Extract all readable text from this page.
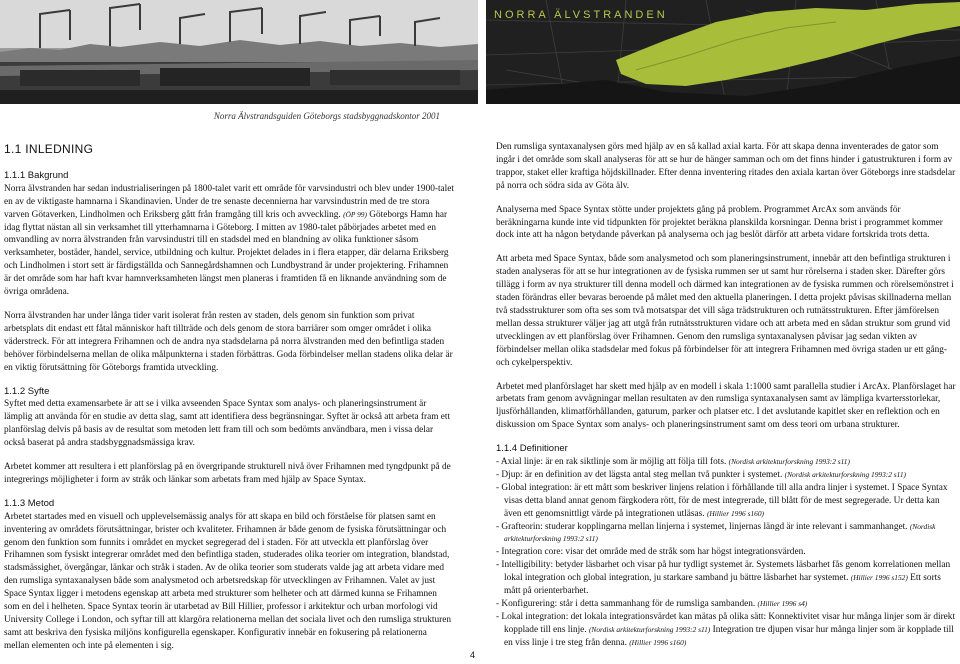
NORRA ÄLVSTRANDEN
Norra Älvstrandsguiden Göteborgs stadsbyggnadskontor 2001
1.1 INLEDNING
1.1.1 Bakgrund

Norra älvstranden har sedan industrialiseringen på 1800-talet varit ett område för varvsindustri och blev under 1900-talet en av de viktigaste hamnarna i Skandinavien. Under de tre senaste decennierna har varvsindustrin med de tre stora varven Götaverken, Lindholmen och Eriksberg gått från framgång till kris och avveckling. (ÖP 99) Göteborgs Hamn har idag flyttat nästan all sin verksamhet till ytterhamnarna i Göteborg. I mitten av 1980-talet påbörjades arbetet med en omvandling av norra älvstranden från varvsindustri till en stadsdel med en blandning av olika funktioner såsom verksamheter, bostäder, handel, service, utbildning och kultur. Projektet delades in i flera etapper, där delarna Eriksberg och Lindholmen i stort sett är färdigställda och Sannegårdshamnen och Lundbystrand är under projektering. Frihamnen är det område som har haft kvar hamnverksamheten längst men planeras i framtiden få en liknande användning som de övriga områdena.

Norra älvstranden har under långa tider varit isolerat från resten av staden, dels genom sin funktion som privat arbetsplats dit endast ett fåtal människor haft tillträde och dels genom de stora barriärer som omger området i olika väderstreck. För att integrera Frihamnen och de andra nya stadsdelarna på norra älvstranden med den befintliga staden behöver förbindelserna mellan de olika målpunkterna i staden förbättras. Goda förbindelser mellan stadens olika delar är en viktig förutsättning för Göteborgs framtida utveckling.

1.1.2 Syfte

Syftet med detta examensarbete är att se i vilka avseenden Space Syntax som analys- och planeringsinstrument är lämplig att använda för en studie av detta slag, samt att identifiera dess begränsningar. Syftet är också att arbeta fram ett planförslag delvis på basis av de resultat som metoden lett fram till och som bedömts användbara, men i vissa delar också baserat på andra stadsbyggnadsmässiga krav.

Arbetet kommer att resultera i ett planförslag på en övergripande strukturell nivå över Frihamnen med tyngdpunkt på de integrerings möjligheter i form av stråk och länkar som arbetats fram med hjälp av Space Syntax.

1.1.3 Metod

Arbetet startades med en visuell och upplevelsemässig analys för att skapa en bild och förståelse för platsen samt en inventering av områdets förutsättningar, brister och kvaliteter. Frihamnen är både genom de fysiska förutsättningar och genom den funktion som funnits i området en mycket segregerad del i staden. För att utveckla ett planförslag över Frihamnen som fysiskt integrerar området med den befintliga staden, studerades olika teorier om integration, blandstad, stadsmässighet, övergångar, länkar och stråk i staden. Av de olika teorier som studerats valde jag att arbeta vidare med den rumsliga syntaxanalysen både som analysmetod och arbetsredskap för utvecklingen av Frihamnen. Valet av just Space Syntax ligger i metodens egenskap att arbeta med strukturer som helheter och att därmed kunna se Frihamnen som en del i helheten. Space Syntax teorin är utarbetad av Bill Hillier, professor i arkitektur och urban morfologi vid University College i London, och syftar till att klargöra relationerna mellan det sociala livet och den rumsliga strukturen samt att beskriva den fysiska miljöns konfigurella egenskaper. Konfigurativ innebär en fokusering på relationerna mellan elementen och inte på elementen i sig.

Den rumsliga syntaxanalysen görs med hjälp av en så kallad axial karta. För att skapa denna inventerades de gator som ingår i det område som skall analyseras för att se hur de hänger samman och om det finns hinder i gatustrukturen i form av trappor, staket eller kraftiga höjdskillnader. Efter denna inventering ritades den axiala kartan över Göteborgs inre stadsdelar på norra och södra sida av Göta älv.

Analyserna med Space Syntax stötte under projektets gång på problem. Programmet ArcAx som används för beräkningarna kunde inte vid tidpunkten för projektet beräkna planskilda korsningar. Denna brist i programmet kommer dock inte att ha någon betydande påverkan på analyserna och jag beslöt därför att arbeta vidare fortskrida trots detta.

Att arbeta med Space Syntax, både som analysmetod och som planeringsinstrument, innebär att den befintliga strukturen i staden analyseras för att se hur integrationen av de fysiska rummen ser ut samt hur rörelserna i staden sker. Därefter görs tillägg i form av nya strukturer till denna modell och därmed kan integrationen av de fysiska rummen och rörelsemönstret i staden förändras eller bevaras beroende på målet med den aktuella planeringen. I detta projekt påvisas skillnaderna mellan två stadsstrukturer som ofta ses som två motsatspar det vill säga trädstrukturen och rutnätsstrukturen. Efter jämförelsen mellan dessa strukturer väljer jag att utgå från rutnätsstrukturen vidare och att arbeta med en sådan struktur som grund vid utvecklingen av ett planförslag över Frihamnen. Genom den rumsliga syntaxanalysen påvisar jag sedan vikten av förbindelser mellan olika stadsdelar med fokus på förbindelser för att integrera Frihamnen med övriga staden ur ett gång- och cykelperspektiv.

Arbetet med planförslaget har skett med hjälp av en modell i skala 1:1000 samt parallella studier i ArcAx. Planförslaget har arbetats fram genom avvägningar mellan resultaten av den rumsliga syntaxanalysen samt av lämpliga kvartersstorlekar, ljusförhållanden, klimatförhållanden, gaturum, parker och platser etc. I det avslutande kapitlet sker en reflektion och en diskussion om Space Syntax som analys- och planeringsinstrument samt om dess teori om urbana strukturer.

1.1.4 Definitioner
- Axial linje: är en rak siktlinje som är möjlig att följa till fots. (Nordisk arkitekturforskning 1993:2 s11)
- Djup: är en definition av det lägsta antal steg mellan två punkter i systemet. (Nordisk arkitekturforskning 1993:2 s11)
- Global integration: är ett mått som beskriver linjens relation i förhållande till alla andra linjer i systemet. I Space Syntax visas detta bland annat genom färgkodera rött, för de mest integrerade, till blått för de mest segregerade. Ur detta kan även ett genomsnittligt värde på integrationen utläsas. (Hillier 1996 s160)
- Grafteorin: studerar kopplingarna mellan linjerna i systemet, linjernas längd är inte relevant i sammanhanget. (Nordisk arkitekturforskning 1993:2 s11)
- Integration core: visar det område med de stråk som har högst integrationsvärden.
- Intelligibility: betyder läsbarhet och visar på hur tydligt systemet är. Systemets läsbarhet fås genom korrelationen mellan lokal integration och global integration, ju starkare samband ju bättre läsbarhet har systemet. (Hillier 1996 s152) Ett sorts mått på orienterbarhet.
- Konfigurering: står i detta sammanhang för de rumsliga sambanden. (Hillier 1996 s4)
- Lokal integration: det lokala integrationsvärdet kan mätas på olika sätt: Konnektivitet visar hur många linjer som är direkt kopplade till ens linje. (Nordisk arkitekturforskning 1993:2 s11) Integration tre djupen visar hur många linjer som är kopplade till en viss linje i tre steg från denna. (Hillier 1996 s160)
4
